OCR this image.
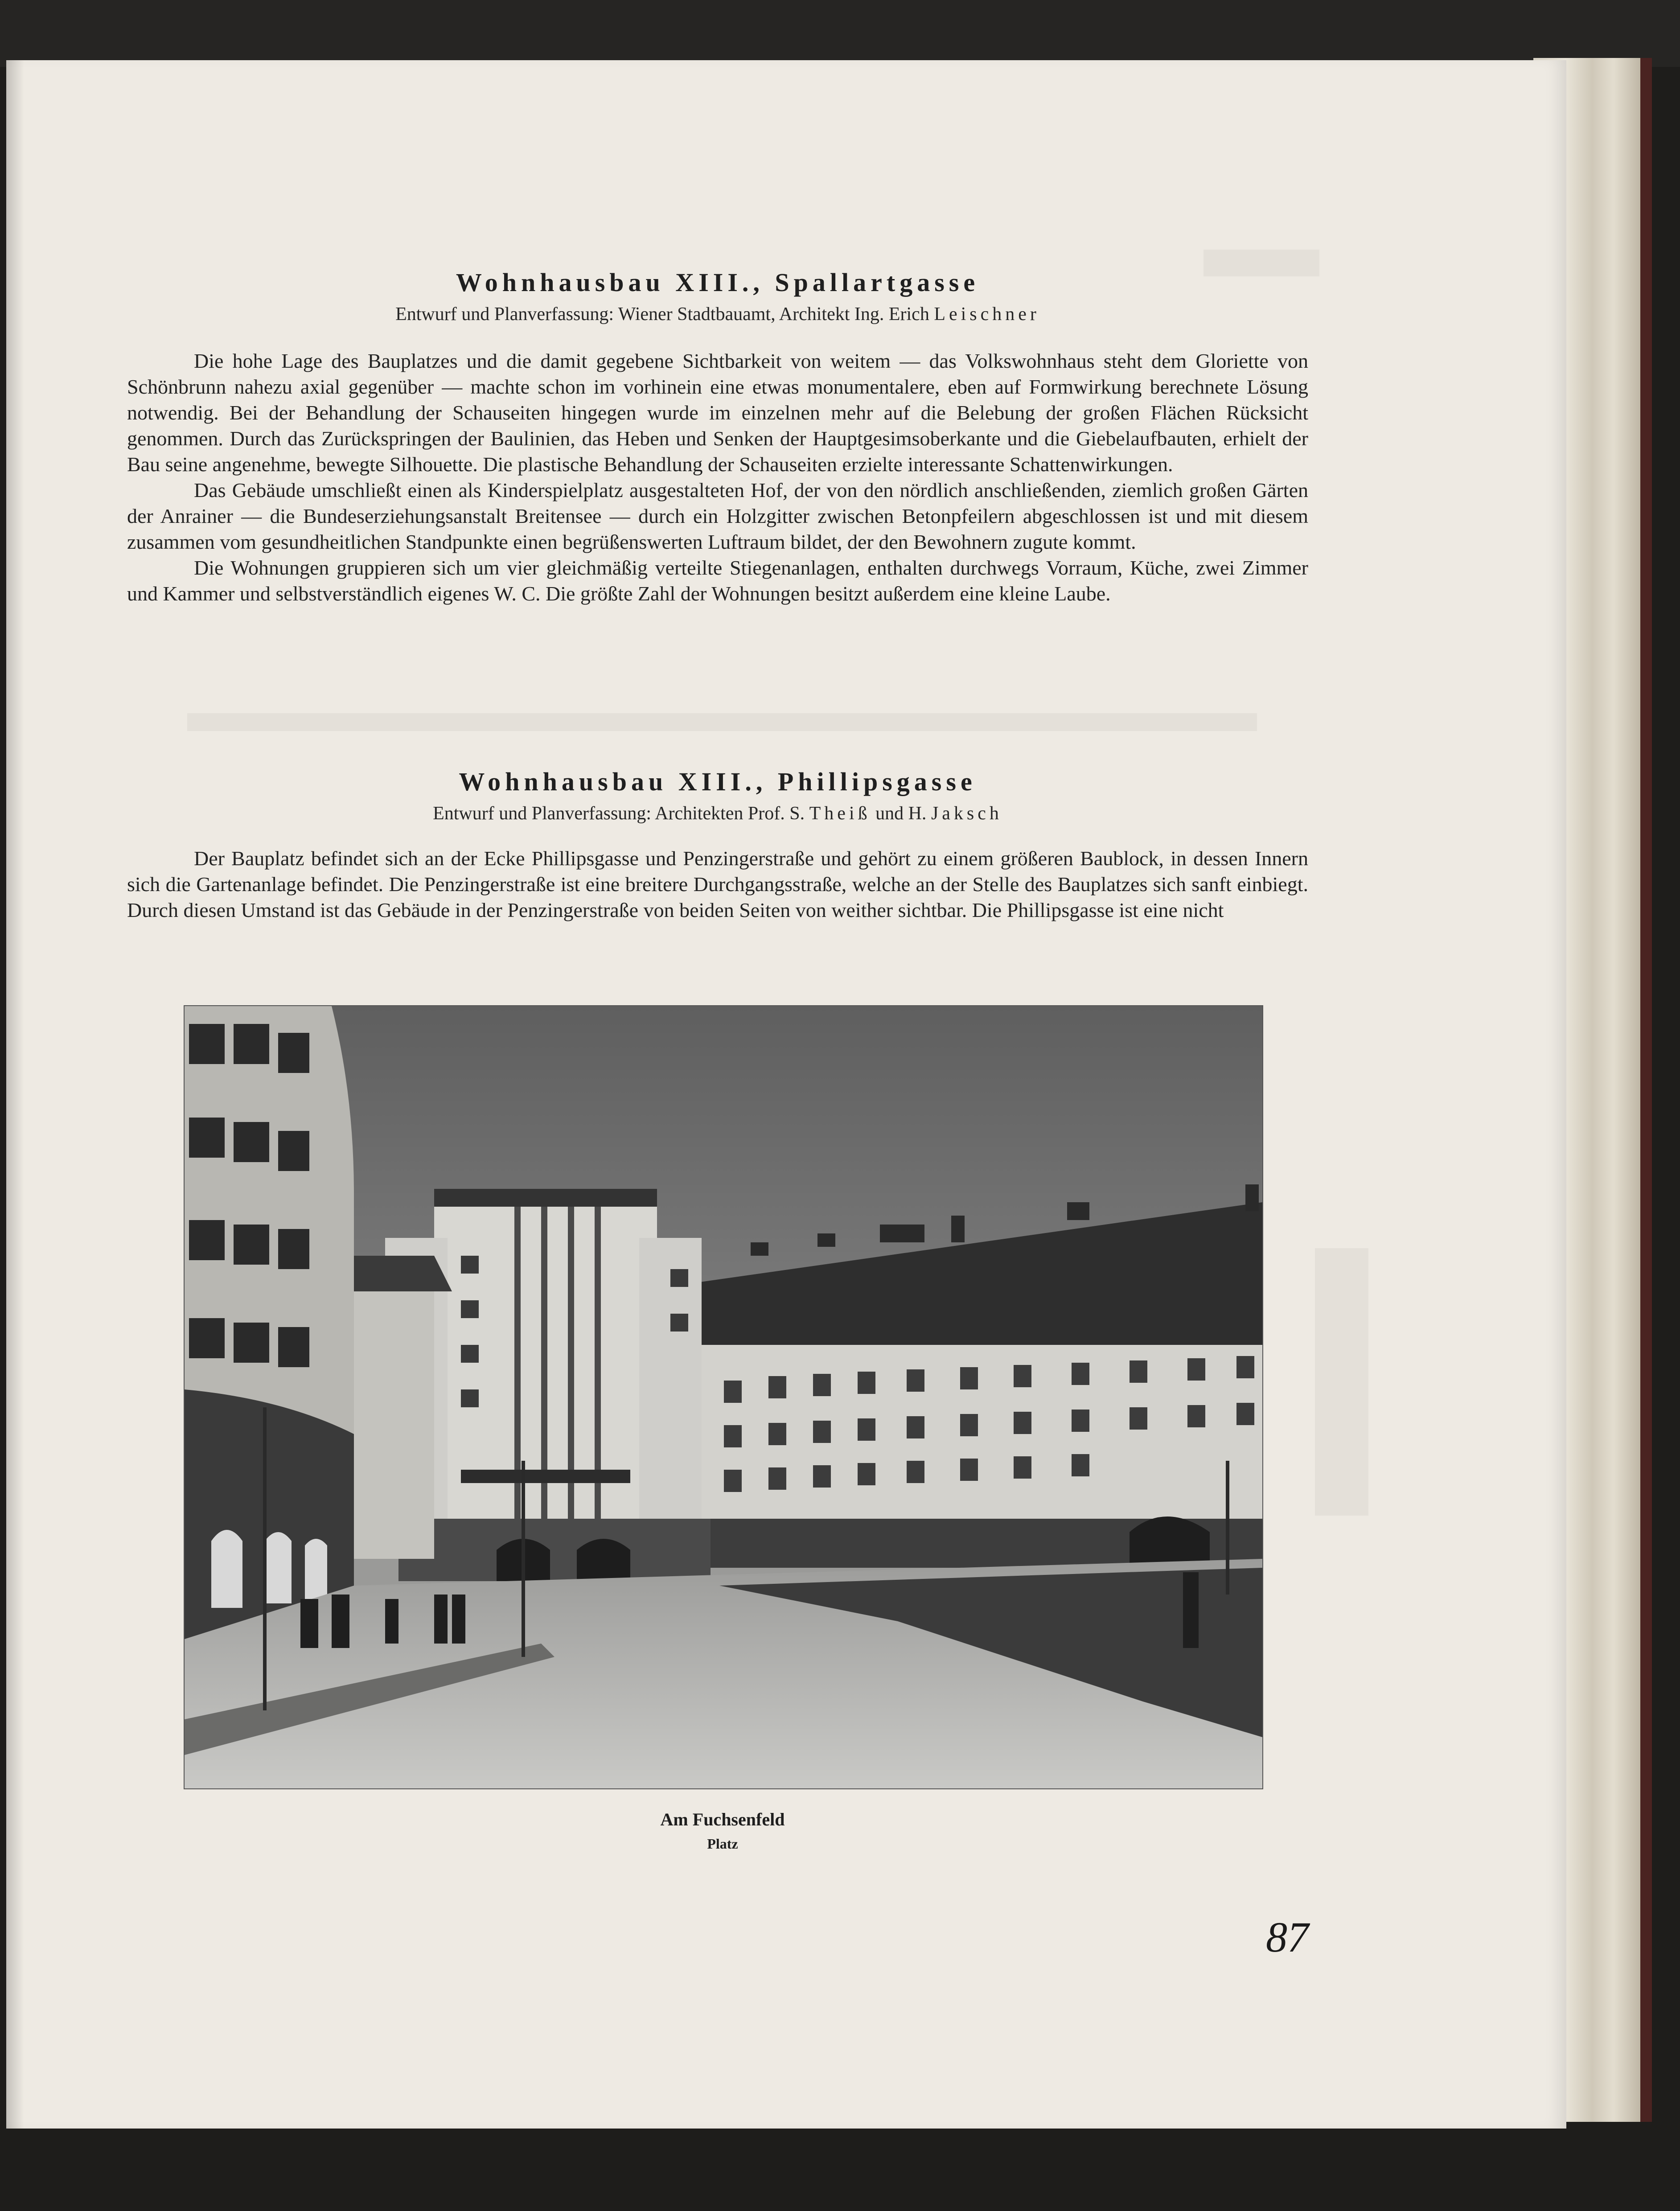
Wohnhausbau XIII., Spallartgasse

Entwurf und Planverfassung: Wiener Stadtbauamt, Architekt Ing. Erich Leischner

Die hohe Lage des Bauplatzes und die damit gegebene Sichtbarkeit von weitem — das Volkswohnhaus steht dem Gloriette von Schönbrunn nahezu axial gegenüber — machte schon im vorhinein eine etwas monumentalere, eben auf Formwirkung berechnete Lösung notwendig. Bei der Behandlung der Schauseiten hingegen wurde im einzelnen mehr auf die Belebung der großen Flächen Rücksicht genommen. Durch das Zurückspringen der Baulinien, das Heben und Senken der Hauptgesimsoberkante und die Giebelaufbauten, erhielt der Bau seine angenehme, bewegte Silhouette. Die plastische Behandlung der Schauseiten erzielte interessante Schattenwirkungen.

Das Gebäude umschließt einen als Kinderspielplatz ausgestalteten Hof, der von den nördlich anschließenden, ziemlich großen Gärten der Anrainer — die Bundeserziehungsanstalt Breitensee — durch ein Holzgitter zwischen Betonpfeilern abgeschlossen ist und mit diesem zusammen vom gesundheitlichen Standpunkte einen begrüßenswerten Luftraum bildet, der den Bewohnern zugute kommt.

Die Wohnungen gruppieren sich um vier gleichmäßig verteilte Stiegenanlagen, enthalten durchwegs Vorraum, Küche, zwei Zimmer und Kammer und selbstverständlich eigenes W. C. Die größte Zahl der Wohnungen besitzt außerdem eine kleine Laube.

Wohnhausbau XIII., Phillipsgasse

Entwurf und Planverfassung: Architekten Prof. S. Theiß und H. Jaksch

Der Bauplatz befindet sich an der Ecke Phillipsgasse und Penzingerstraße und gehört zu einem größeren Baublock, in dessen Innern sich die Gartenanlage befindet. Die Penzingerstraße ist eine breitere Durchgangsstraße, welche an der Stelle des Bauplatzes sich sanft einbiegt. Durch diesen Umstand ist das Gebäude in der Penzingerstraße von beiden Seiten von weither sichtbar. Die Phillipsgasse ist eine nicht

Am Fuchsenfeld
Platz
87
